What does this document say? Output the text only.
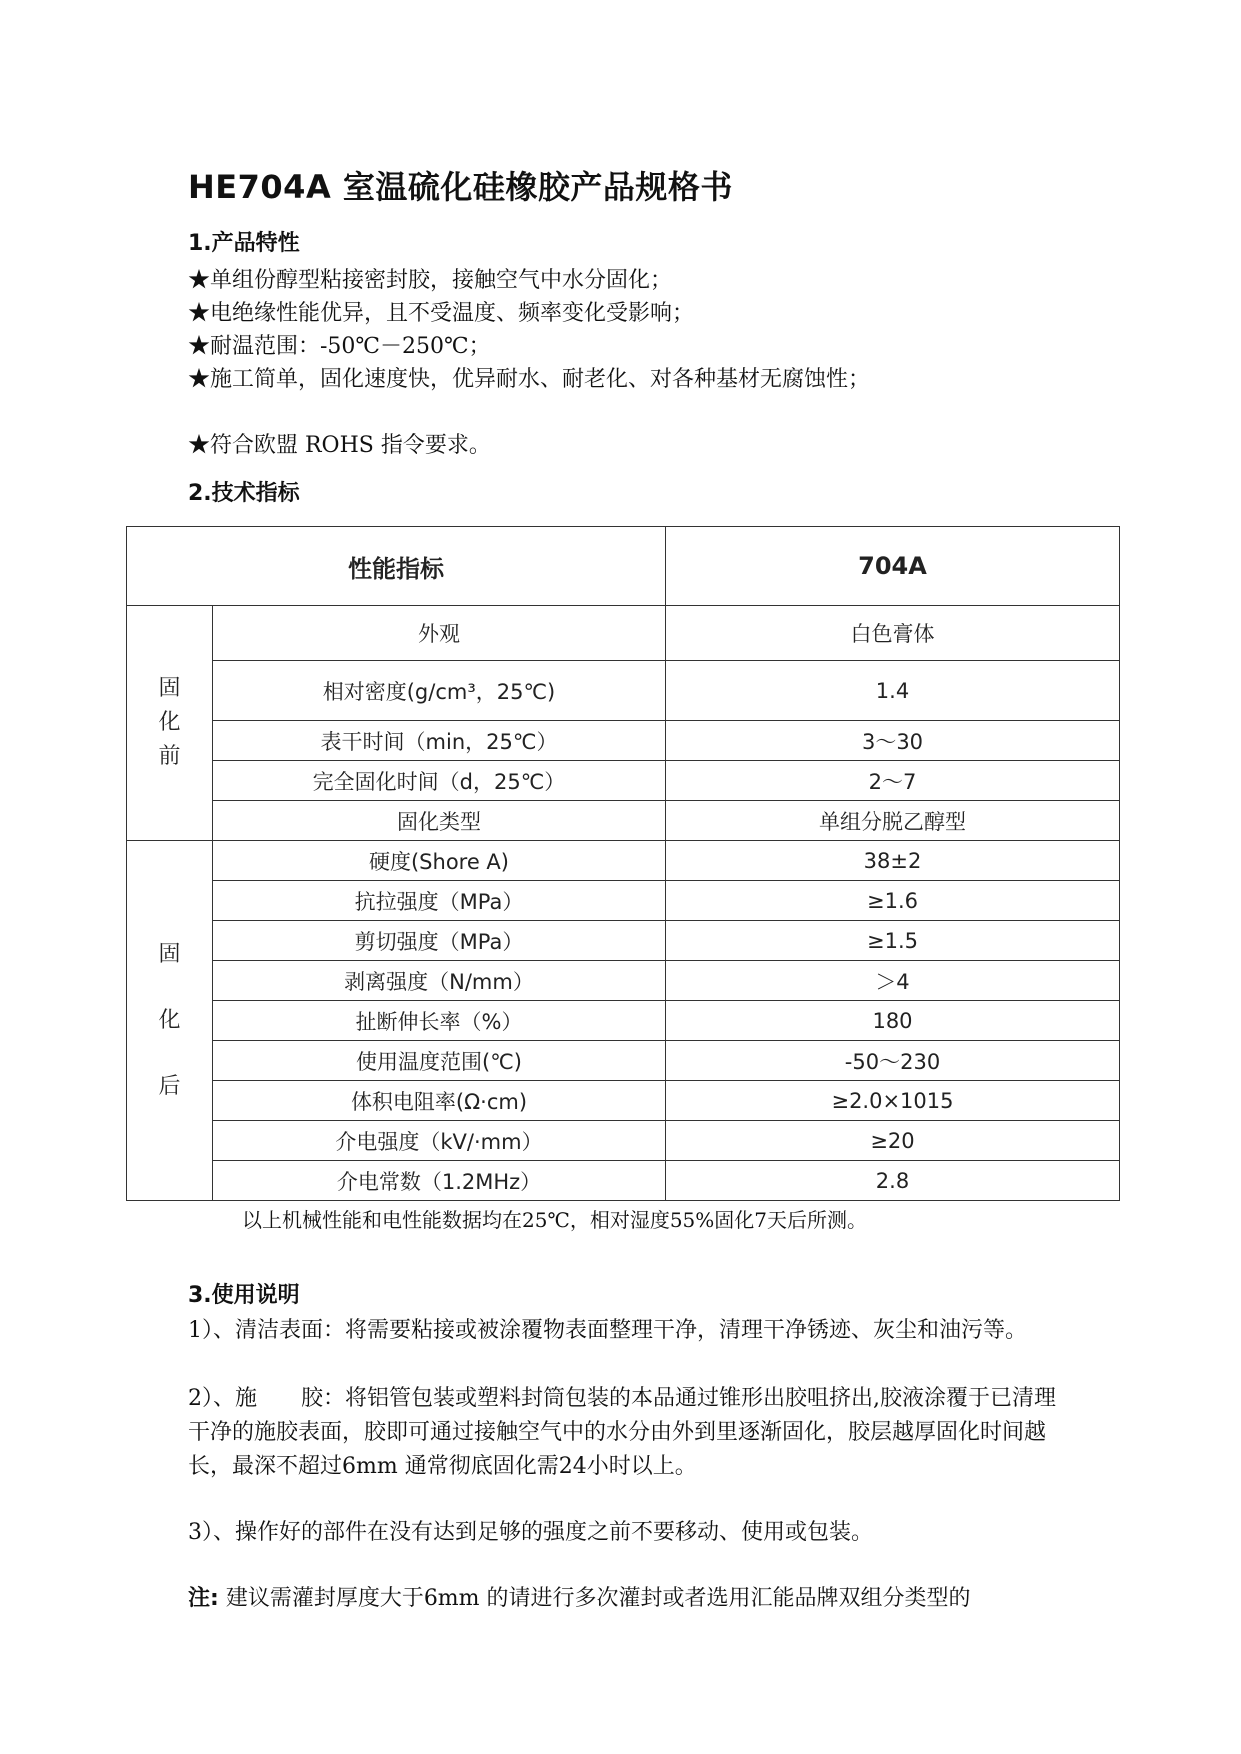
HE704A 室温硫化硅橡胶产品规格书
1.产品特性
★单组份醇型粘接密封胶，接触空气中水分固化；
★电绝缘性能优异，且不受温度、频率变化受影响；
★耐温范围：-50℃－250℃；
★施工简单，固化速度快，优异耐水、耐老化、对各种基材无腐蚀性；
★符合欧盟 ROHS 指令要求。
2.技术指标
性能指标		704A
固
化
前	外观	白色膏体
	相对密度(g/cm³，25℃)	1.4
	表干时间（min，25℃）	3～30
	完全固化时间（d，25℃）	2～7
	固化类型	单组分脱乙醇型

固
化
后	硬度(Shore A)	38±2
	抗拉强度（MPa）	≥1.6
	剪切强度（MPa）	≥1.5
	剥离强度（N/mm）	＞4
	扯断伸长率（%）	180
	使用温度范围(℃)	-50～230
	体积电阻率(Ω·cm)	≥2.0×1015
	介电强度（kV/·mm）	≥20
	介电常数（1.2MHz）	2.8
以上机械性能和电性能数据均在25℃，相对湿度55%固化7天后所测。
3.使用说明
1）、清洁表面：将需要粘接或被涂覆物表面整理干净，清理干净锈迹、灰尘和油污等。
2）、施　　胶：将铝管包装或塑料封筒包装的本品通过锥形出胶咀挤出,胶液涂覆于已清理干净的施胶表面，胶即可通过接触空气中的水分由外到里逐渐固化，胶层越厚固化时间越长，最深不超过6mm 通常彻底固化需24小时以上。
3）、操作好的部件在没有达到足够的强度之前不要移动、使用或包装。
注: 建议需灌封厚度大于6mm 的请进行多次灌封或者选用汇能品牌双组分类型的
